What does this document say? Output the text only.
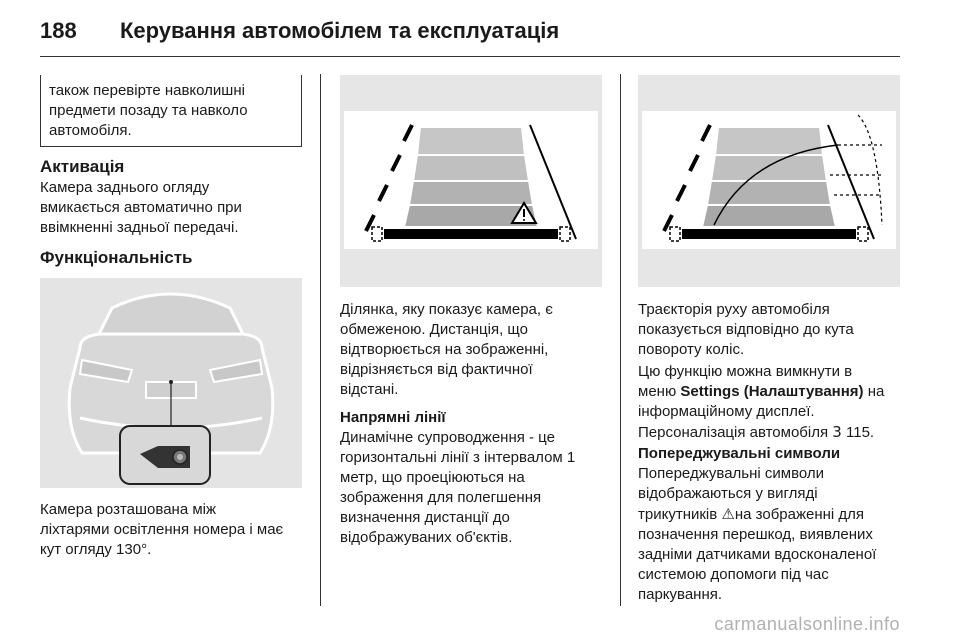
188 Керування автомобілем та експлуатація
також перевірте навколишні
предмети позаду та навколо
автомобіля.
Активація
Камера заднього огляду
вмикається автоматично при
ввімкненні задньої передачі.
Функціональність
Камера розташована між
ліхтарями освітлення номера і має
кут огляду 130°.
Ділянка, яку показує камера, є
обмеженою. Дистанція, що
відтворюється на зображенні,
відрізняється від фактичної
відстані.
Напрямні лінії
Динамічне супроводження - це
горизонтальні лінії з інтервалом 1
метр, що проеціюються на
зображення для полегшення
визначення дистанції до
відображуваних об'єктів.
Траєкторія руху автомобіля
показується відповідно до кута
повороту коліс.
Цю функцію можна вимкнути в
меню Settings (Налаштування) на
інформаційному дисплеї.
Персоналізація автомобіля 3 115.
Попереджувальні символи
Попереджувальні символи
відображаються у вигляді
трикутників ⚠на зображенні для
позначення перешкод, виявлених
задніми датчиками вдосконаленої
системою допомоги під час
паркування.
carmanualsonline.info
